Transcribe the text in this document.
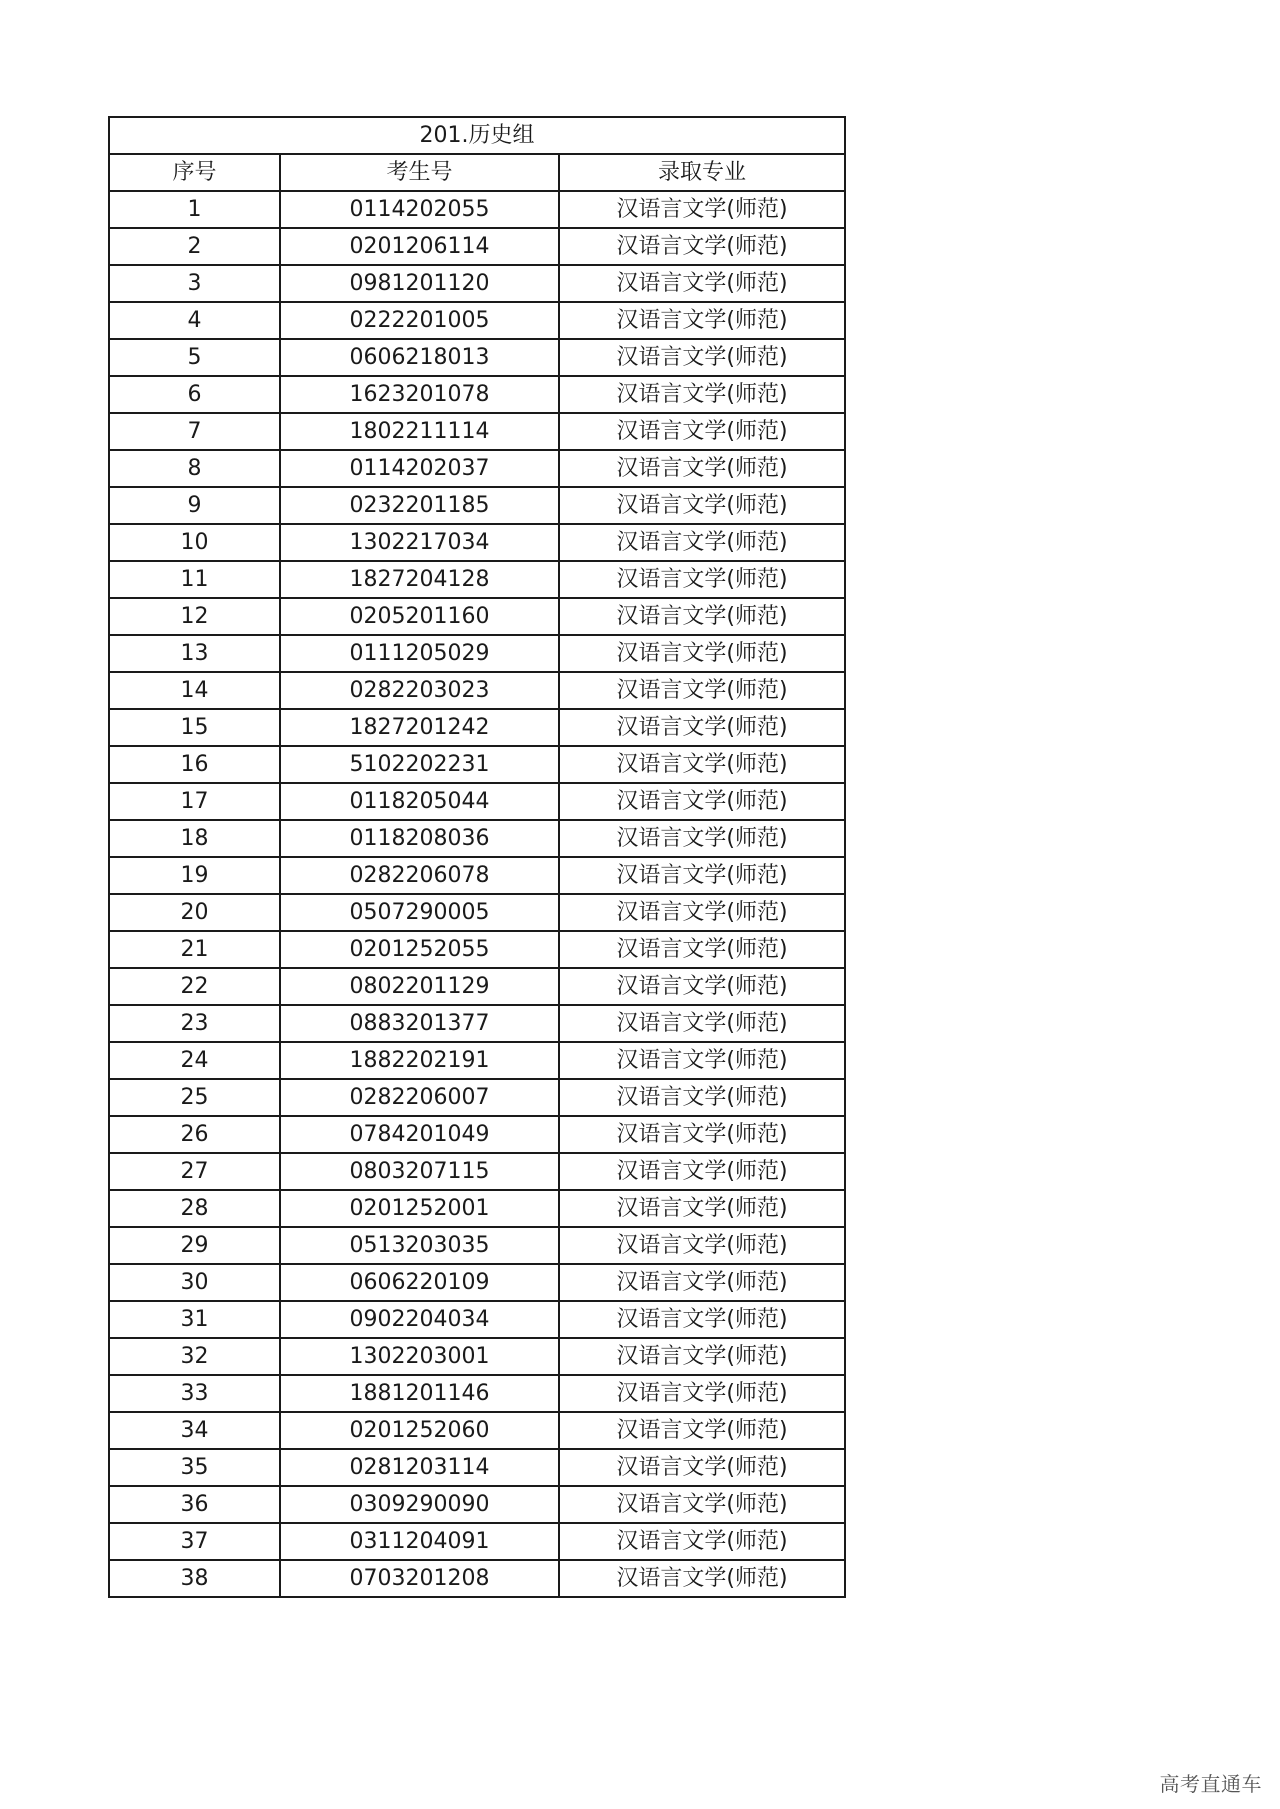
201.历史组		
序号	考生号	录取专业
1	0114202055	汉语言文学(师范)
2	0201206114	汉语言文学(师范)
3	0981201120	汉语言文学(师范)
4	0222201005	汉语言文学(师范)
5	0606218013	汉语言文学(师范)
6	1623201078	汉语言文学(师范)
7	1802211114	汉语言文学(师范)
8	0114202037	汉语言文学(师范)
9	0232201185	汉语言文学(师范)
10	1302217034	汉语言文学(师范)
11	1827204128	汉语言文学(师范)
12	0205201160	汉语言文学(师范)
13	0111205029	汉语言文学(师范)
14	0282203023	汉语言文学(师范)
15	1827201242	汉语言文学(师范)
16	5102202231	汉语言文学(师范)
17	0118205044	汉语言文学(师范)
18	0118208036	汉语言文学(师范)
19	0282206078	汉语言文学(师范)
20	0507290005	汉语言文学(师范)
21	0201252055	汉语言文学(师范)
22	0802201129	汉语言文学(师范)
23	0883201377	汉语言文学(师范)
24	1882202191	汉语言文学(师范)
25	0282206007	汉语言文学(师范)
26	0784201049	汉语言文学(师范)
27	0803207115	汉语言文学(师范)
28	0201252001	汉语言文学(师范)
29	0513203035	汉语言文学(师范)
30	0606220109	汉语言文学(师范)
31	0902204034	汉语言文学(师范)
32	1302203001	汉语言文学(师范)
33	1881201146	汉语言文学(师范)
34	0201252060	汉语言文学(师范)
35	0281203114	汉语言文学(师范)
36	0309290090	汉语言文学(师范)
37	0311204091	汉语言文学(师范)
38	0703201208	汉语言文学(师范)
高考直通车
